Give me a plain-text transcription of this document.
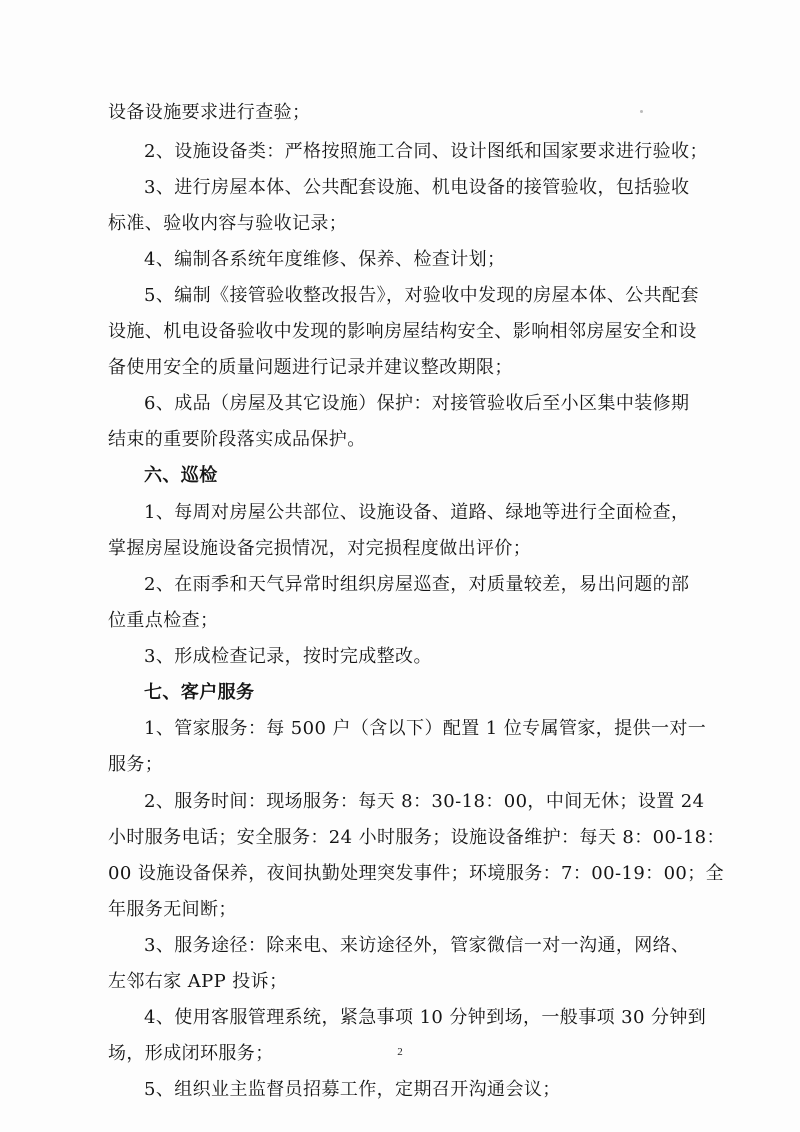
设备设施要求进行查验；
2、设施设备类：严格按照施工合同、设计图纸和国家要求进行验收；
3、进行房屋本体、公共配套设施、机电设备的接管验收，包括验收
标准、验收内容与验收记录；
4、编制各系统年度维修、保养、检查计划；
5、编制《接管验收整改报告》，对验收中发现的房屋本体、公共配套
设施、机电设备验收中发现的影响房屋结构安全、影响相邻房屋安全和设
备使用安全的质量问题进行记录并建议整改期限；
6、成品（房屋及其它设施）保护：对接管验收后至小区集中装修期
结束的重要阶段落实成品保护。
六、巡检
1、每周对房屋公共部位、设施设备、道路、绿地等进行全面检查，
掌握房屋设施设备完损情况，对完损程度做出评价；
2、在雨季和天气异常时组织房屋巡查，对质量较差，易出问题的部
位重点检查；
3、形成检查记录，按时完成整改。
七、客户服务
1、管家服务：每 500 户（含以下）配置 1 位专属管家，提供一对一
服务；
2、服务时间：现场服务：每天 8：30-18：00，中间无休；设置 24
小时服务电话；安全服务：24 小时服务；设施设备维护：每天 8：00-18：
00 设施设备保养，夜间执勤处理突发事件；环境服务：7：00-19：00；全
年服务无间断；
3、服务途径：除来电、来访途径外，管家微信一对一沟通，网络、
左邻右家 APP 投诉；
4、使用客服管理系统，紧急事项 10 分钟到场，一般事项 30 分钟到
场，形成闭环服务；
5、组织业主监督员招募工作，定期召开沟通会议；
2
